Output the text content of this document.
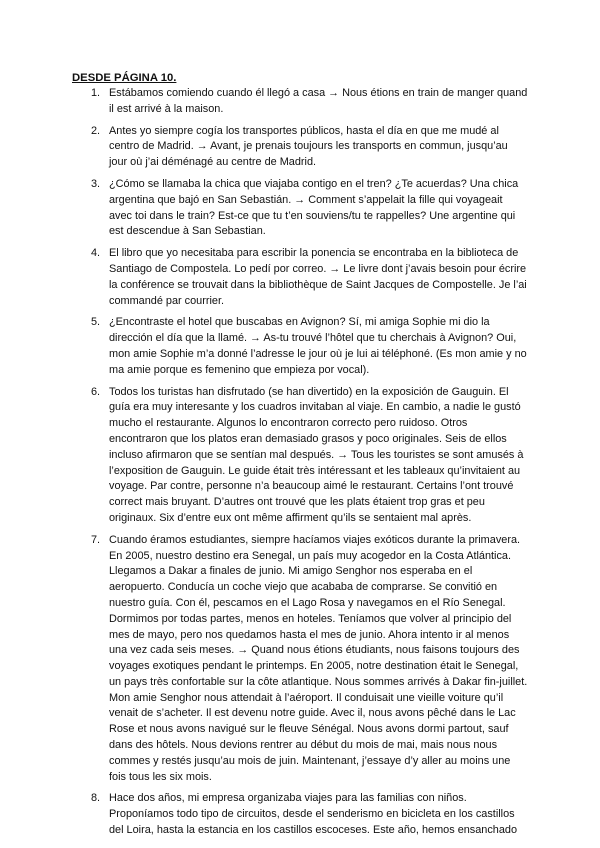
DESDE PÁGINA 10.
1. Estábamos comiendo cuando él llegó a casa → Nous étions en train de manger quand il est arrivé à la maison.
2. Antes yo siempre cogía los transportes públicos, hasta el día en que me mudé al centro de Madrid. → Avant, je prenais toujours les transports en commun, jusqu’au jour où j’ai déménagé au centre de Madrid.
3. ¿Cómo se llamaba la chica que viajaba contigo en el tren? ¿Te acuerdas? Una chica argentina que bajó en San Sebastián. → Comment s’appelait la fille qui voyageait avec toi dans le train? Est-ce que tu t’en souviens/tu te rappelles? Une argentine qui est descendue à San Sebastian.
4. El libro que yo necesitaba para escribir la ponencia se encontraba en la biblioteca de Santiago de Compostela. Lo pedí por correo. → Le livre dont j’avais besoin pour écrire la conférence se trouvait dans la bibliothèque de Saint Jacques de Compostelle. Je l’ai commandé par courrier.
5. ¿Encontraste el hotel que buscabas en Avignon? Sí, mi amiga Sophie mi dio la dirección el día que la llamé. → As-tu trouvé l’hôtel que tu cherchais à Avignon? Oui, mon amie Sophie m’a donné l’adresse le jour où je lui ai téléphoné. (Es mon amie y no ma amie porque es femenino que empieza por vocal).
6. Todos los turistas han disfrutado (se han divertido) en la exposición de Gauguin. El guía era muy interesante y los cuadros invitaban al viaje. En cambio, a nadie le gustó mucho el restaurante. Algunos lo encontraron correcto pero ruidoso. Otros encontraron que los platos eran demasiado grasos y poco originales. Seis de ellos incluso afirmaron que se sentían mal después. → Tous les touristes se sont amusés à l’exposition de Gauguin. Le guide était très intéressant et les tableaux qu’invitaient au voyage. Par contre, personne n’a beaucoup aimé le restaurant. Certains l’ont trouvé correct mais bruyant. D’autres ont trouvé que les plats étaient trop gras et peu originaux. Six d’entre eux ont même affirment qu’ils se sentaient mal après.
7. Cuando éramos estudiantes, siempre hacíamos viajes exóticos durante la primavera. En 2005, nuestro destino era Senegal, un país muy acogedor en la Costa Atlántica. Llegamos a Dakar a finales de junio. Mi amigo Senghor nos esperaba en el aeropuerto. Conducía un coche viejo que acababa de comprarse. Se convitió en nuestro guía. Con él, pescamos en el Lago Rosa y navegamos en el Río Senegal. Dormimos por todas partes, menos en hoteles. Teníamos que volver al principio del mes de mayo, pero nos quedamos hasta el mes de junio. Ahora intento ir al menos una vez cada seis meses. → Quand nous étions étudiants, nous faisons toujours des voyages exotiques pendant le printemps. En 2005, notre destination était le Senegal, un pays très confortable sur la côte atlantique. Nous sommes arrivés à Dakar fin-juillet. Mon amie Senghor nous attendait à l’aéroport. Il conduisait une vieille voiture qu’il venait de s’acheter. Il est devenu notre guide. Avec il, nous avons pêché dans le Lac Rose et nous avons navigué sur le fleuve Sénégal. Nous avons dormi partout, sauf dans des hôtels. Nous devions rentrer au début du mois de mai, mais nous nous commes y restés jusqu’au mois de juin. Maintenant, j’essaye d’y aller au moins une fois tous les six mois.
8. Hace dos años, mi empresa organizaba viajes para las familias con niños. Proponíamos todo tipo de circuitos, desde el senderismo en bicicleta en los castillos del Loira, hasta la estancia en los castillos escoceses. Este año, hemos ensanchado
